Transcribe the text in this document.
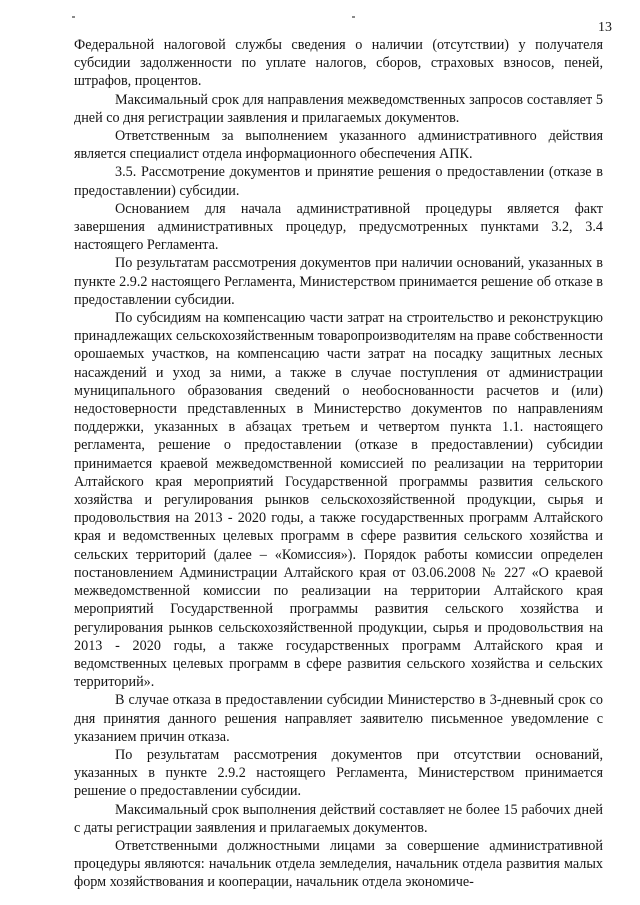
13

Федеральной налоговой службы сведения о наличии (отсутствии) у получателя субсидии задолженности по уплате налогов, сборов, страховых взносов, пеней, штрафов, процентов.

Максимальный срок для направления межведомственных запросов составляет 5 дней со дня регистрации заявления и прилагаемых документов.

Ответственным за выполнением указанного административного действия является специалист отдела информационного обеспечения АПК.

3.5. Рассмотрение документов и принятие решения о предоставлении (отказе в предоставлении) субсидии.

Основанием для начала административной процедуры является факт завершения административных процедур, предусмотренных пунктами 3.2, 3.4 настоящего Регламента.

По результатам рассмотрения документов при наличии оснований, указанных в пункте 2.9.2 настоящего Регламента, Министерством принимается решение об отказе в предоставлении субсидии.

По субсидиям на компенсацию части затрат на строительство и реконструкцию принадлежащих сельскохозяйственным товаропроизводителям на праве собственности орошаемых участков, на компенсацию части затрат на посадку защитных лесных насаждений и уход за ними, а также в случае поступления от администрации муниципального образования сведений о необоснованности расчетов и (или) недостоверности представленных в Министерство документов по направлениям поддержки, указанных в абзацах третьем и четвертом пункта 1.1. настоящего регламента, решение о предоставлении (отказе в предоставлении) субсидии принимается краевой межведомственной комиссией по реализации на территории Алтайского края мероприятий Государственной программы развития сельского хозяйства и регулирования рынков сельскохозяйственной продукции, сырья и продовольствия на 2013 - 2020 годы, а также государственных программ Алтайского края и ведомственных целевых программ в сфере развития сельского хозяйства и сельских территорий (далее – «Комиссия»). Порядок работы комиссии определен постановлением Администрации Алтайского края от 03.06.2008 № 227 «О краевой межведомственной комиссии по реализации на территории Алтайского края мероприятий Государственной программы развития сельского хозяйства и регулирования рынков сельскохозяйственной продукции, сырья и продовольствия на 2013 - 2020 годы, а также государственных программ Алтайского края и ведомственных целевых программ в сфере развития сельского хозяйства и сельских территорий».

В случае отказа в предоставлении субсидии Министерство в 3-дневный срок со дня принятия данного решения направляет заявителю письменное уведомление с указанием причин отказа.

По результатам рассмотрения документов при отсутствии оснований, указанных в пункте 2.9.2 настоящего Регламента, Министерством принимается решение о предоставлении субсидии.

Максимальный срок выполнения действий составляет не более 15 рабочих дней с даты регистрации заявления и прилагаемых документов.

Ответственными должностными лицами за совершение административной процедуры являются: начальник отдела земледелия, начальник отдела развития малых форм хозяйствования и кооперации, начальник отдела экономиче-
